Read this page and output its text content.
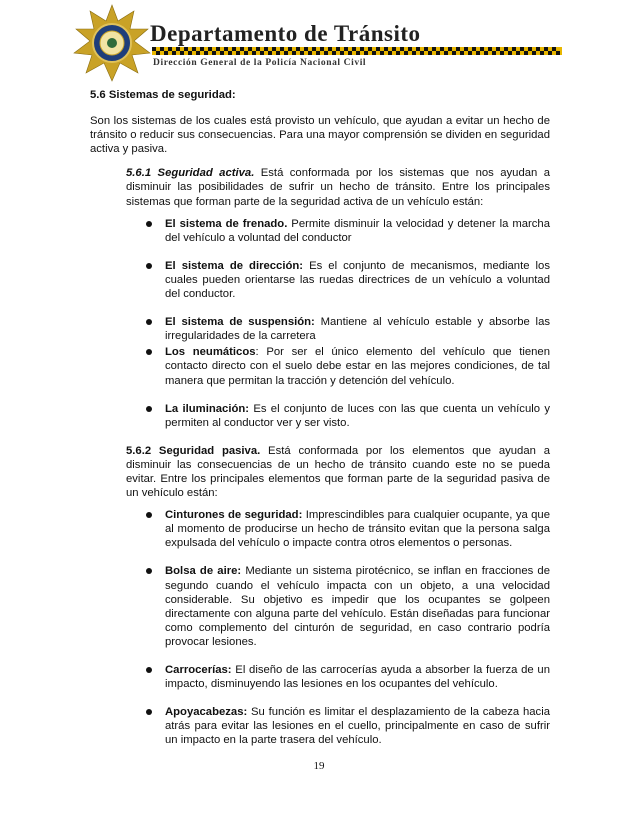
Departamento de Tránsito
Dirección General de la Policía Nacional Civil
5.6 Sistemas de seguridad:

Son los sistemas de los cuales está provisto un vehículo, que ayudan a evitar un hecho de tránsito o reducir sus consecuencias. Para una mayor comprensión se dividen en seguridad activa y pasiva.

5.6.1 Seguridad activa. Está conformada por los sistemas que nos ayudan a disminuir las posibilidades de sufrir un hecho de tránsito. Entre los principales sistemas que forman parte de la seguridad activa de un vehículo están:

El sistema de frenado. Permite disminuir la velocidad y detener la marcha del vehículo a voluntad del conductor
El sistema de dirección: Es el conjunto de mecanismos, mediante los cuales pueden orientarse las ruedas directrices de un vehículo a voluntad del conductor.
El sistema de suspensión: Mantiene al vehículo estable y absorbe las irregularidades de la carretera
Los neumáticos: Por ser el único elemento del vehículo que tienen contacto directo con el suelo debe estar en las mejores condiciones, de tal manera que permitan la tracción y detención del vehículo.
La iluminación: Es el conjunto de luces con las que cuenta un vehículo y permiten al conductor ver y ser visto.

5.6.2 Seguridad pasiva. Está conformada por los elementos que ayudan a disminuir las consecuencias de un hecho de tránsito cuando este no se pueda evitar. Entre los principales elementos que forman parte de la seguridad pasiva de un vehículo están:

Cinturones de seguridad: Imprescindibles para cualquier ocupante, ya que al momento de producirse un hecho de tránsito evitan que la persona salga expulsada del vehículo o impacte contra otros elementos o personas.
Bolsa de aire: Mediante un sistema pirotécnico, se inflan en fracciones de segundo cuando el vehículo impacta con un objeto, a una velocidad considerable. Su objetivo es impedir que los ocupantes se golpeen directamente con alguna parte del vehículo. Están diseñadas para funcionar como complemento del cinturón de seguridad, en caso contrario podría provocar lesiones.
Carrocerías: El diseño de las carrocerías ayuda a absorber la fuerza de un impacto, disminuyendo las lesiones en los ocupantes del vehículo.
Apoyacabezas: Su función es limitar el desplazamiento de la cabeza hacia atrás para evitar las lesiones en el cuello, principalmente en caso de sufrir un impacto en la parte trasera del vehículo.
19
